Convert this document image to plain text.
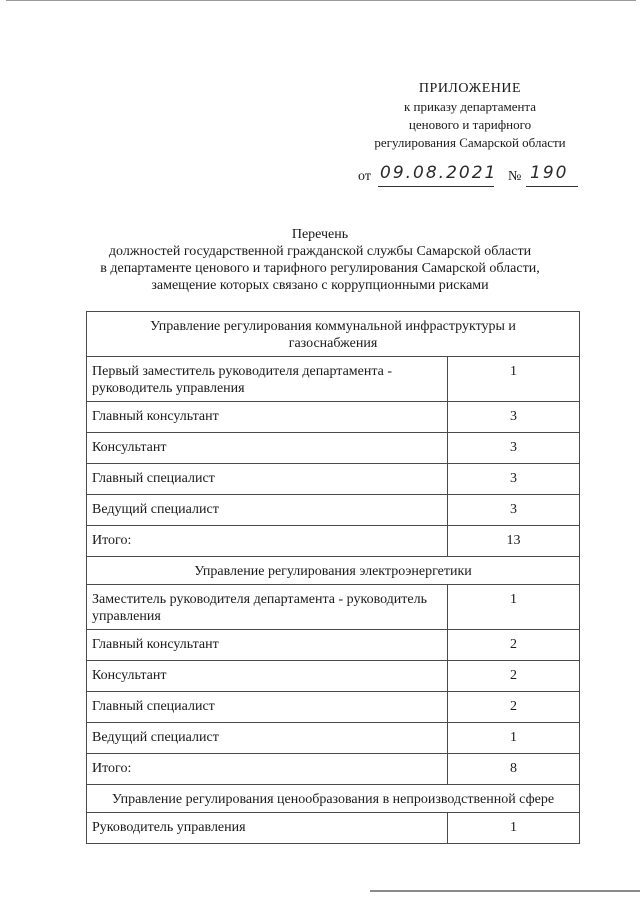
ПРИЛОЖЕНИЕ
к приказу департамента
ценового и тарифного
регулирования Самарской области
от 09.08.2021 № 190
Перечень
должностей государственной гражданской службы Самарской области
в департаменте ценового и тарифного регулирования Самарской области,
замещение которых связано с коррупционными рисками
Управление регулирования коммунальной инфраструктуры и газоснабжения	
Первый заместитель руководителя департамента - руководитель управления	1
Главный консультант	3
Консультант	3
Главный специалист	3
Ведущий специалист	3
Итого:	13
Управление регулирования электроэнергетики	
Заместитель руководителя департамента - руководитель управления	1
Главный консультант	2
Консультант	2
Главный специалист	2
Ведущий специалист	1
Итого:	8
Управление регулирования ценообразования в непроизводственной сфере	
Руководитель управления	1
